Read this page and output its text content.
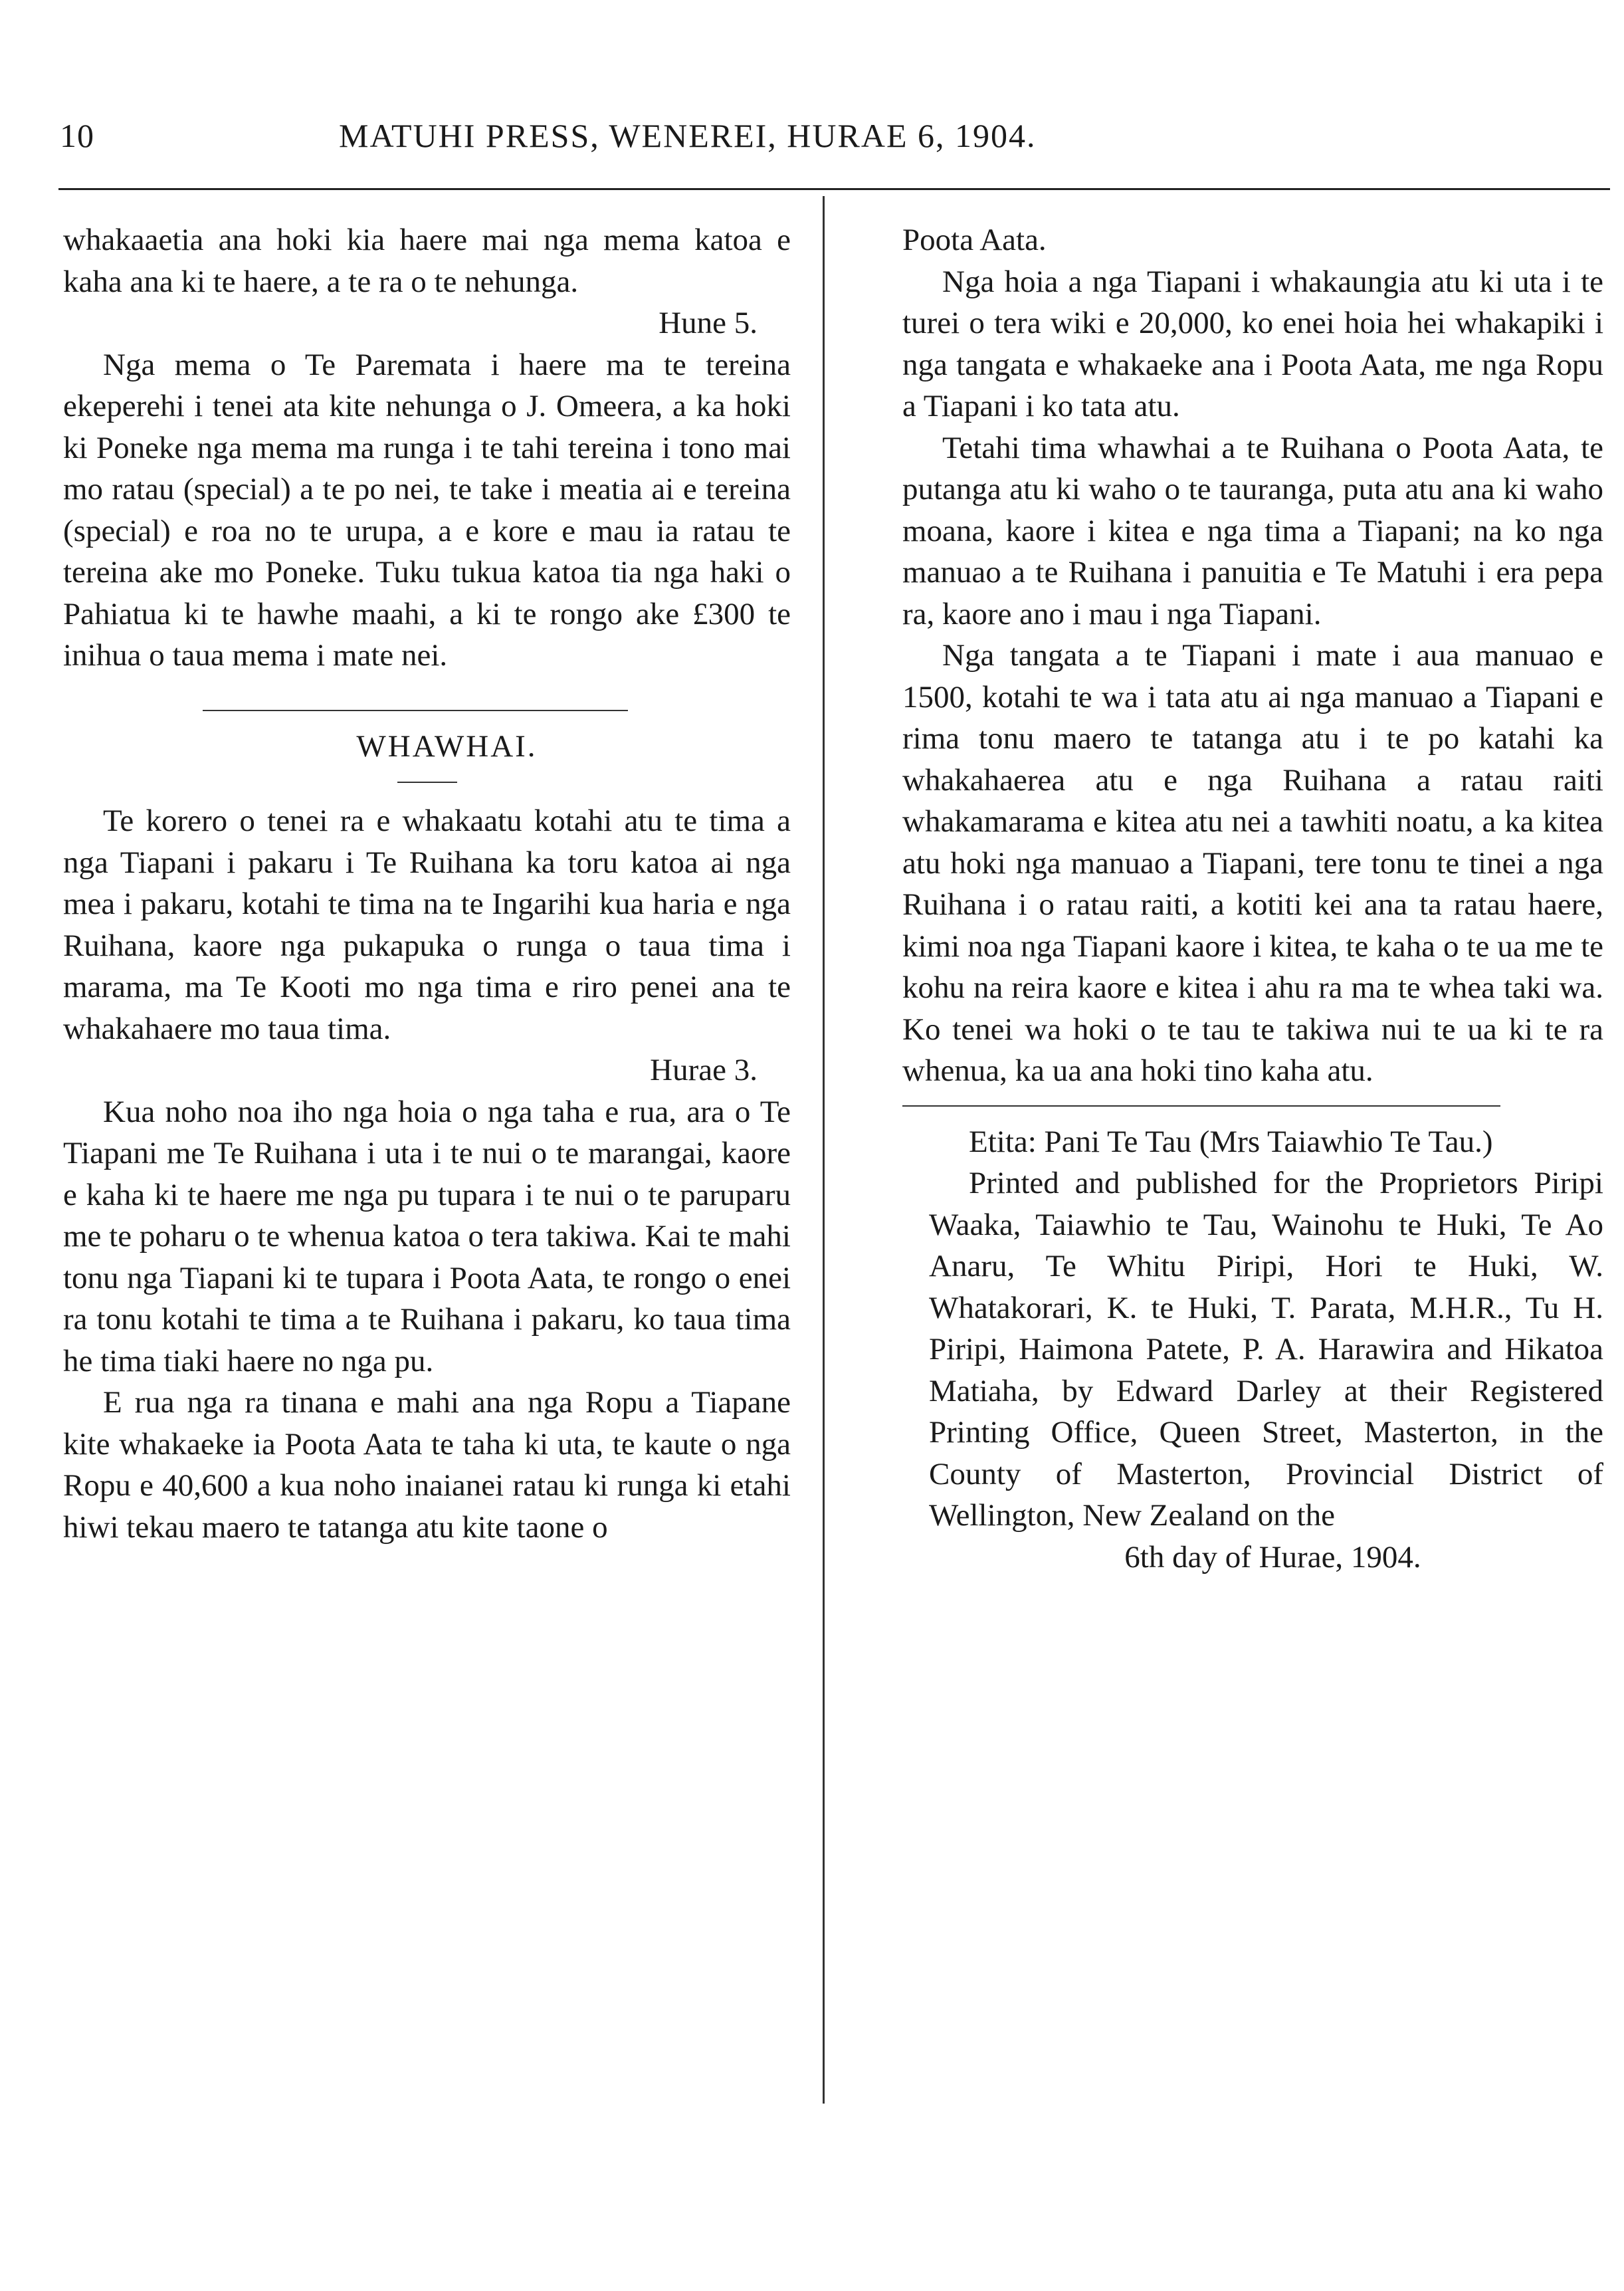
10	MATUHI PRESS, WENEREI, HURAE 6, 1904.

whakaaetia ana hoki kia haere mai nga mema katoa e kaha ana ki te haere, a te ra o te nehunga.

Hune 5.

Nga mema o Te Paremata i haere ma te tereina ekeperehi i tenei ata kite nehunga o J. Omeera, a ka hoki ki Poneke nga mema ma runga i te tahi tereina i tono mai mo ratau (special) a te po nei, te take i meatia ai e tereina (special) e roa no te urupa, a e kore e mau ia ratau te tereina ake mo Poneke. Tuku tukua katoa tia nga haki o Pahiatua ki te hawhe maahi, a ki te rongo ake £300 te inihua o taua mema i mate nei.

WHAWHAI.

Te korero o tenei ra e whakaatu kotahi atu te tima a nga Tiapani i pakaru i Te Ruihana ka toru katoa ai nga mea i pakaru, kotahi te tima na te Ingarihi kua haria e nga Ruihana, kaore nga pukapuka o runga o taua tima i marama, ma Te Kooti mo nga tima e riro penei ana te whakahaere mo taua tima.

Hurae 3.

Kua noho noa iho nga hoia o nga taha e rua, ara o Te Tiapani me Te Ruihana i uta i te nui o te marangai, kaore e kaha ki te haere me nga pu tupara i te nui o te paruparu me te poharu o te whenua katoa o tera takiwa. Kai te mahi tonu nga Tiapani ki te tupara i Poota Aata, te rongo o enei ra tonu kotahi te tima a te Ruihana i pakaru, ko taua tima he tima tiaki haere no nga pu.

E rua nga ra tinana e mahi ana nga Ropu a Tiapane kite whakaeke ia Poota Aata te taha ki uta, te kaute o nga Ropu e 40,600 a kua noho inaianei ratau ki runga ki etahi hiwi tekau maero te tatanga atu kite taone o

Poota Aata.

Nga hoia a nga Tiapani i whakaungia atu ki uta i te turei o tera wiki e 20,000, ko enei hoia hei whakapiki i nga tangata e whakaeke ana i Poota Aata, me nga Ropu a Tiapani i ko tata atu.

Tetahi tima whawhai a te Ruihana o Poota Aata, te putanga atu ki waho o te tauranga, puta atu ana ki waho moana, kaore i kitea e nga tima a Tiapani; na ko nga manuao a te Ruihana i panuitia e Te Matuhi i era pepa ra, kaore ano i mau i nga Tiapani.

Nga tangata a te Tiapani i mate i aua manuao e 1500, kotahi te wa i tata atu ai nga manuao a Tiapani e rima tonu maero te tatanga atu i te po katahi ka whakahaerea atu e nga Ruihana a ratau raiti whakamarama e kitea atu nei a tawhiti noatu, a ka kitea atu hoki nga manuao a Tiapani, tere tonu te tinei a nga Ruihana i o ratau raiti, a kotiti kei ana ta ratau haere, kimi noa nga Tiapani kaore i kitea, te kaha o te ua me te kohu na reira kaore e kitea i ahu ra ma te whea taki wa. Ko tenei wa hoki o te tau te takiwa nui te ua ki te ra whenua, ka ua ana hoki tino kaha atu.

Etita: Pani Te Tau (Mrs Taiawhio Te Tau.)

Printed and published for the Proprietors Piripi Waaka, Taiawhio te Tau, Wainohu te Huki, Te Ao Anaru, Te Whitu Piripi, Hori te Huki, W. Whatakorari, K. te Huki, T. Parata, M.H.R., Tu H. Piripi, Haimona Patete, P. A. Harawira and Hikatoa Matiaha, by Edward Darley at their Registered Printing Office, Queen Street, Masterton, in the County of Masterton, Provincial District of Wellington, New Zealand on the

6th day of Hurae, 1904.
